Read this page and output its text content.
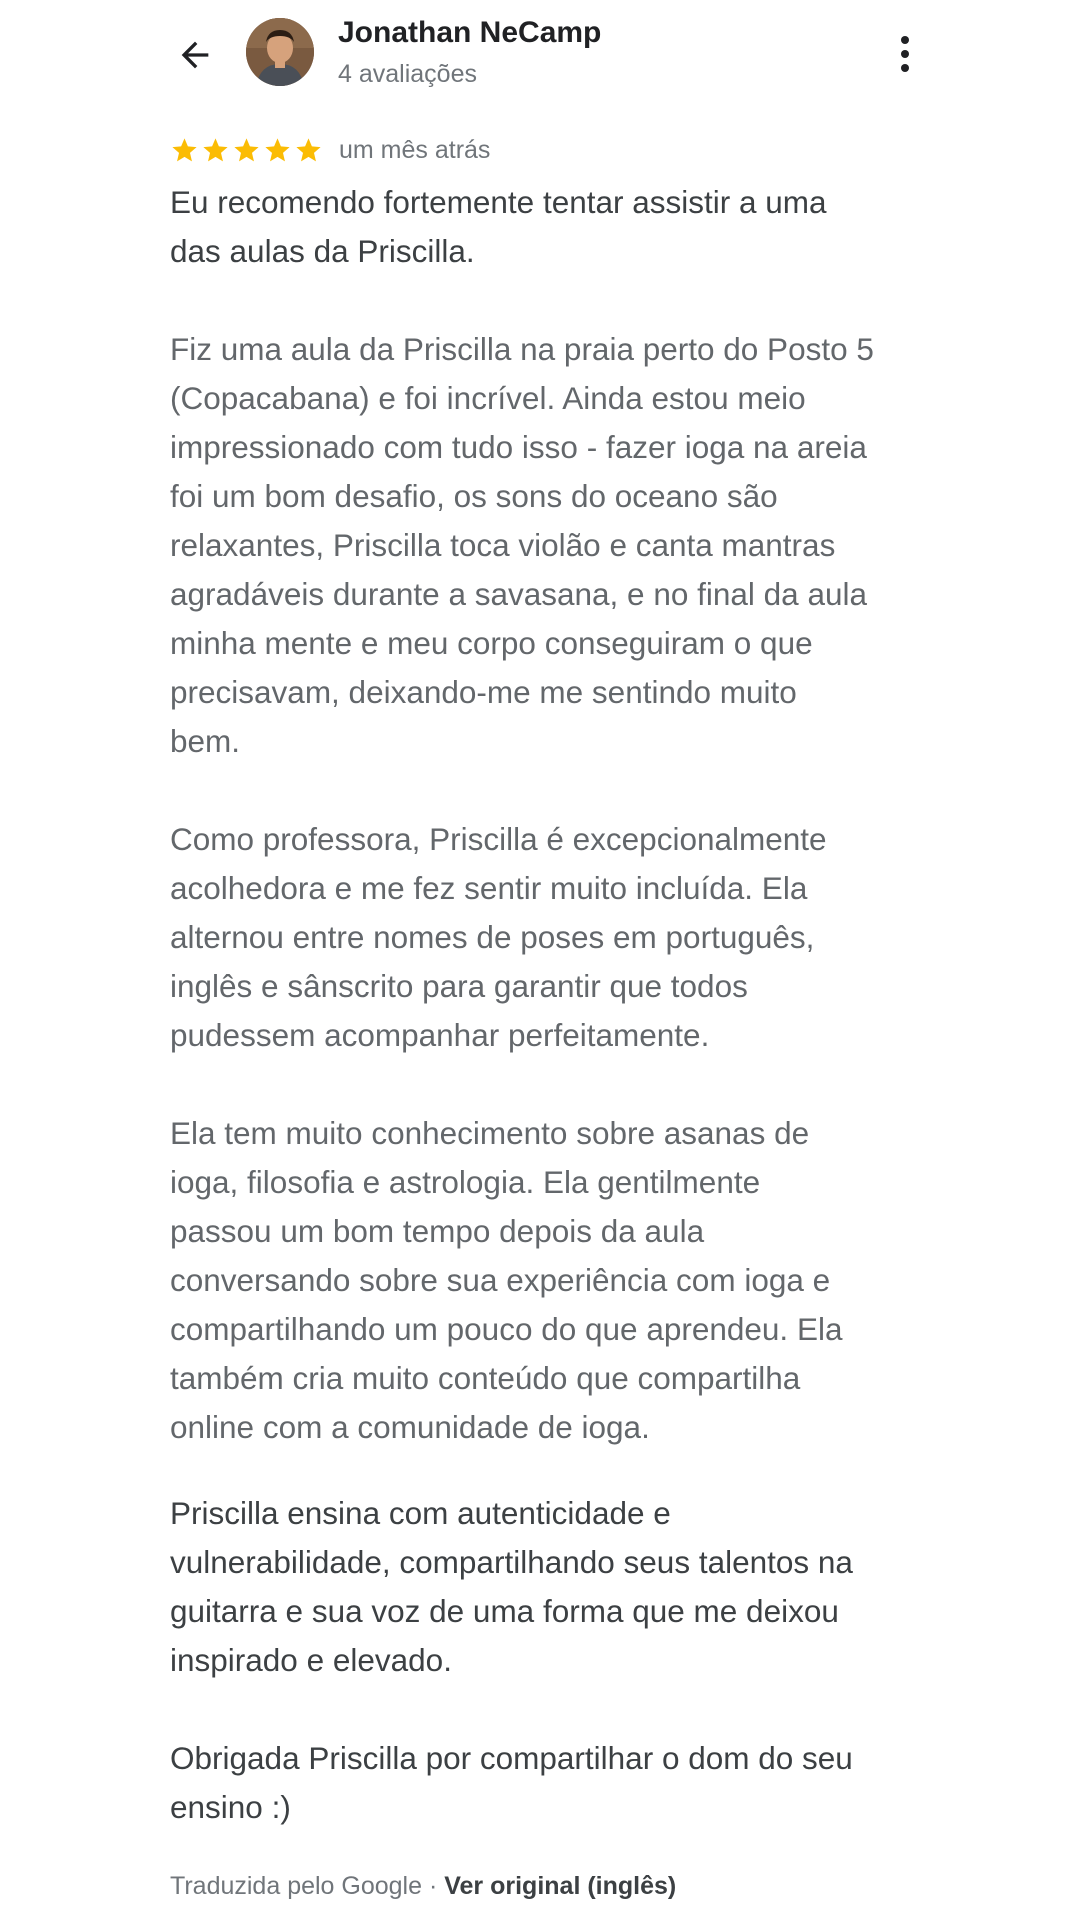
Jonathan NeCamp
4 avaliações
um mês atrás

Eu recomendo fortemente tentar assistir a uma
das aulas da Priscilla.

Fiz uma aula da Priscilla na praia perto do Posto 5
(Copacabana) e foi incrível. Ainda estou meio
impressionado com tudo isso - fazer ioga na areia
foi um bom desafio, os sons do oceano são
relaxantes, Priscilla toca violão e canta mantras
agradáveis durante a savasana, e no final da aula
minha mente e meu corpo conseguiram o que
precisavam, deixando-me me sentindo muito
bem.

Como professora, Priscilla é excepcionalmente
acolhedora e me fez sentir muito incluída. Ela
alternou entre nomes de poses em português,
inglês e sânscrito para garantir que todos
pudessem acompanhar perfeitamente.

Ela tem muito conhecimento sobre asanas de
ioga, filosofia e astrologia. Ela gentilmente
passou um bom tempo depois da aula
conversando sobre sua experiência com ioga e
compartilhando um pouco do que aprendeu. Ela
também cria muito conteúdo que compartilha
online com a comunidade de ioga.

Priscilla ensina com autenticidade e
vulnerabilidade, compartilhando seus talentos na
guitarra e sua voz de uma forma que me deixou
inspirado e elevado.

Obrigada Priscilla por compartilhar o dom do seu
ensino :)

Traduzida pelo Google · Ver original (inglês)
